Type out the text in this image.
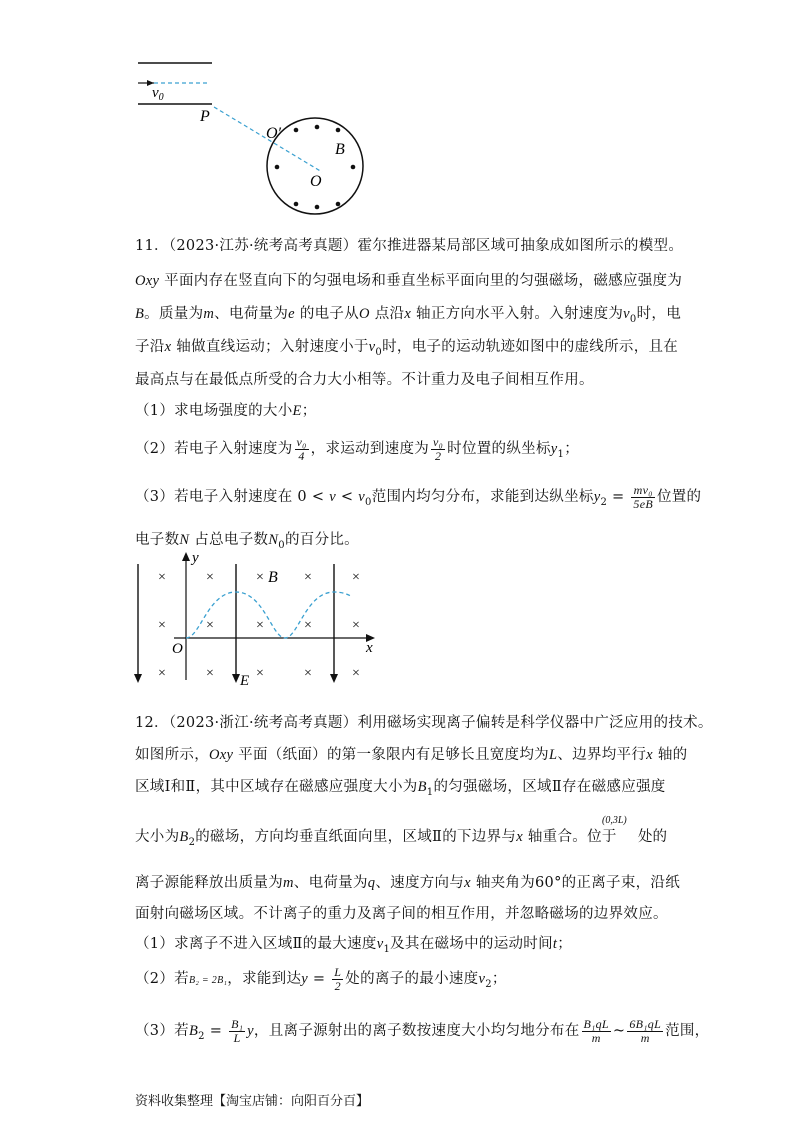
$v_0$
P
O′
B
O
11．（2023·江苏·统考高考真题）霍尔推进器某局部区域可抽象成如图所示的模型。
Oxy 平面内存在竖直向下的匀强电场和垂直坐标平面向里的匀强磁场，磁感应强度为
B。质量为m、电荷量为e 的电子从O 点沿x 轴正方向水平入射。入射速度为$v_0$时，电
子沿x 轴做直线运动；入射速度小于$v_0$时，电子的运动轨迹如图中的虚线所示，且在
最高点与在最低点所受的合力大小相等。不计重力及电子间相互作用。
（1）求电场强度的大小E；
（2）若电子入射速度为 $\frac{\text{v₀}}{4}$ ，求运动到速度为 $\frac{\text{v₀}}{2}$ 时位置的纵坐标$y_1$；
（3）若电子入射速度在 $0 < v < v_0$范围内均匀分布，求能到达纵坐标$y_2 = \frac{\text{mv₀}}{5eB}$ 位置的
电子数N 占总电子数$N_0$的百分比。
×	×	×	×	×
×	×	×	×	×
×	×	×	×	×
B
y
x
O
E
12．（2023·浙江·统考高考真题）利用磁场实现离子偏转是科学仪器中广泛应用的技术。
如图所示，Oxy 平面（纸面）的第一象限内有足够长且宽度均为L、边界均平行x 轴的
区域Ⅰ和Ⅱ，其中区域存在磁感应强度大小为$B_1$的匀强磁场，区域Ⅱ存在磁感应强度
大小为$B_2$的磁场，方向均垂直纸面向里，区域Ⅱ的下边界与x 轴重合。位于
(0,3L)
处的
离子源能释放出质量为m、电荷量为q、速度方向与x 轴夹角为60°的正离子束，沿纸
面射向磁场区域。不计离子的重力及离子间的相互作用，并忽略磁场的边界效应。
（1）求离子不进入区域Ⅱ的最大速度$v_1$及其在磁场中的运动时间t；
（2）若B₂ = 2B₁，求能到达$y = \frac{L}{2}$ 处的离子的最小速度$v_2$；
（3）若$B_2 = \frac{\text{B₁}}{L}$ y，且离子源射出的离子数按速度大小均匀地分布在 $\frac{\text{B₁qL}}{m}$ ~ $\frac{\text{6B₁qL}}{m}$ 范围，
资料收集整理【淘宝店铺：向阳百分百】
